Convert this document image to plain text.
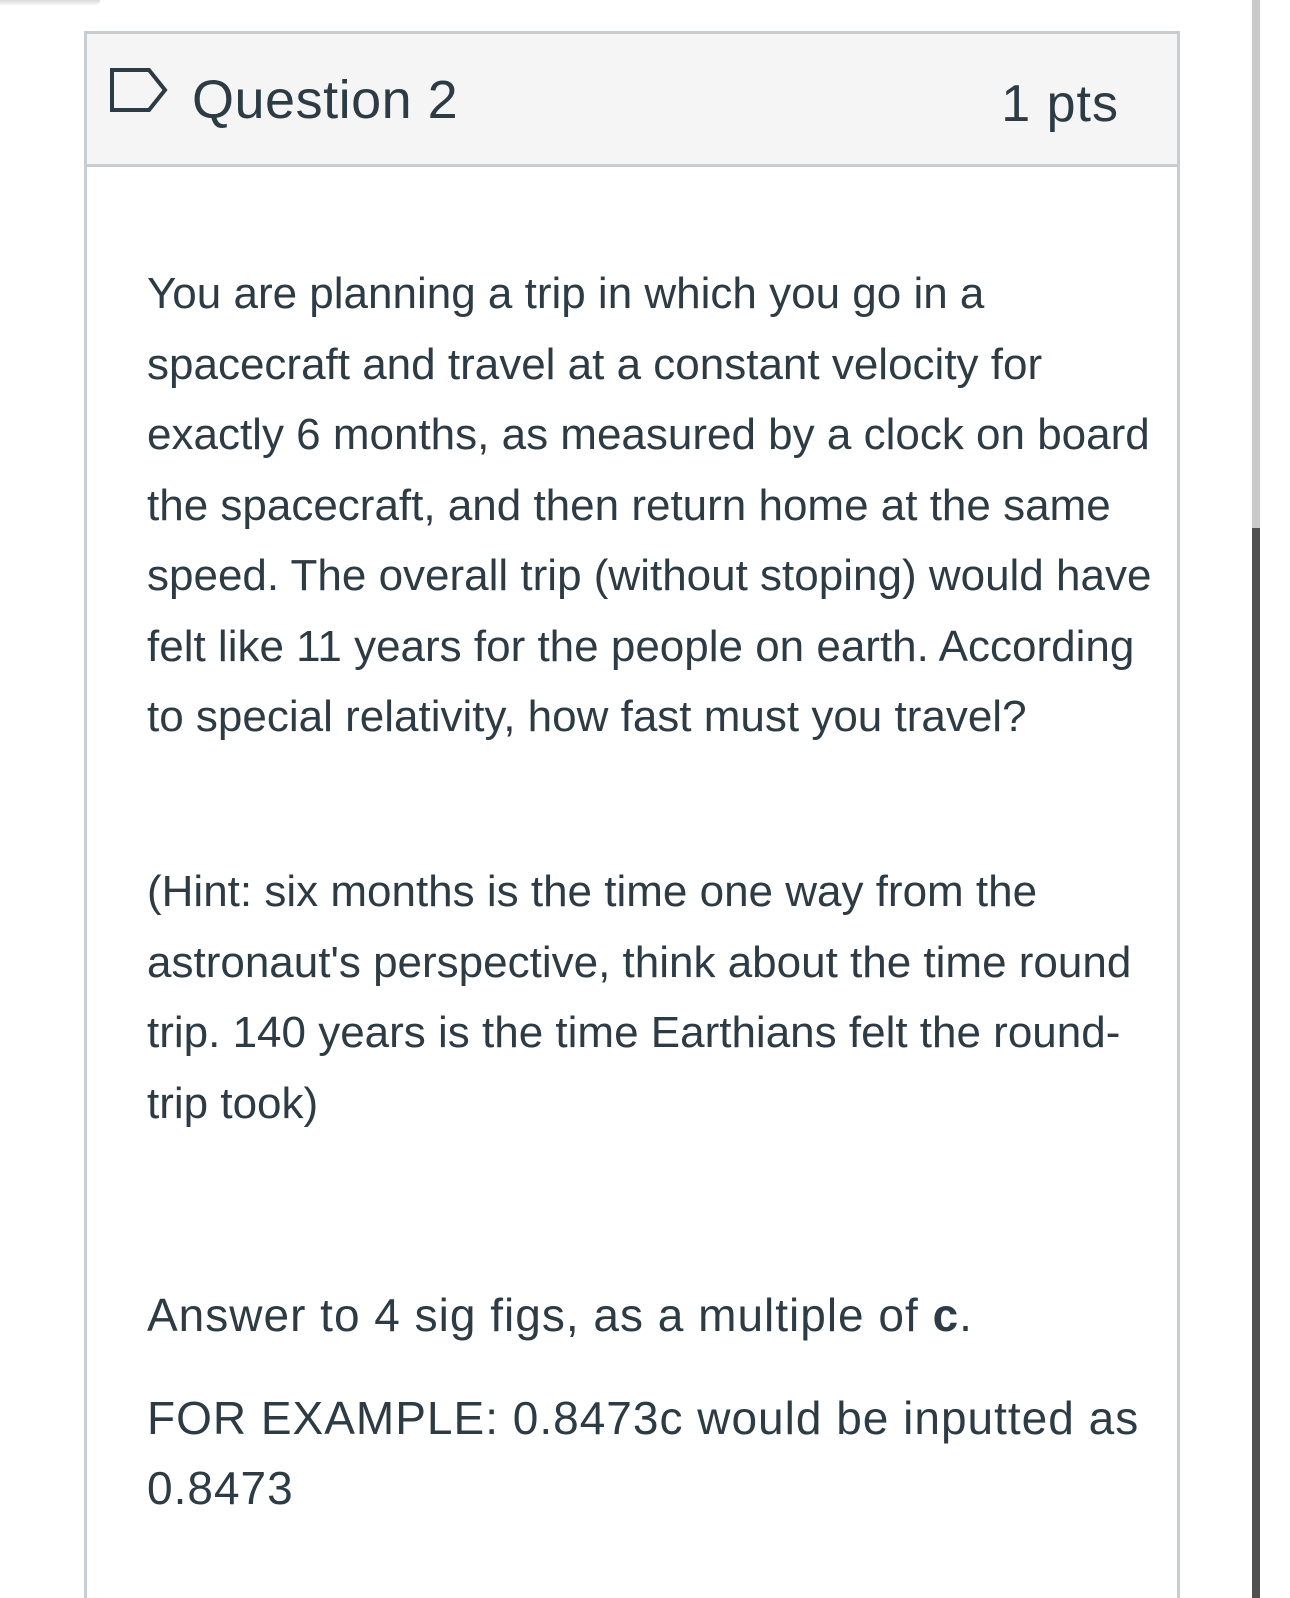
Question 2	1 pts

You are planning a trip in which you go in a spacecraft and travel at a constant velocity for exactly 6 months, as measured by a clock on board the spacecraft, and then return home at the same speed. The overall trip (without stoping) would have felt like 11 years for the people on earth. According to special relativity, how fast must you travel?

(Hint: six months is the time one way from the astronaut's perspective, think about the time round trip. 140 years is the time Earthians felt the round-trip took)

Answer to 4 sig figs, as a multiple of c.

FOR EXAMPLE: 0.8473c would be inputted as 0.8473
